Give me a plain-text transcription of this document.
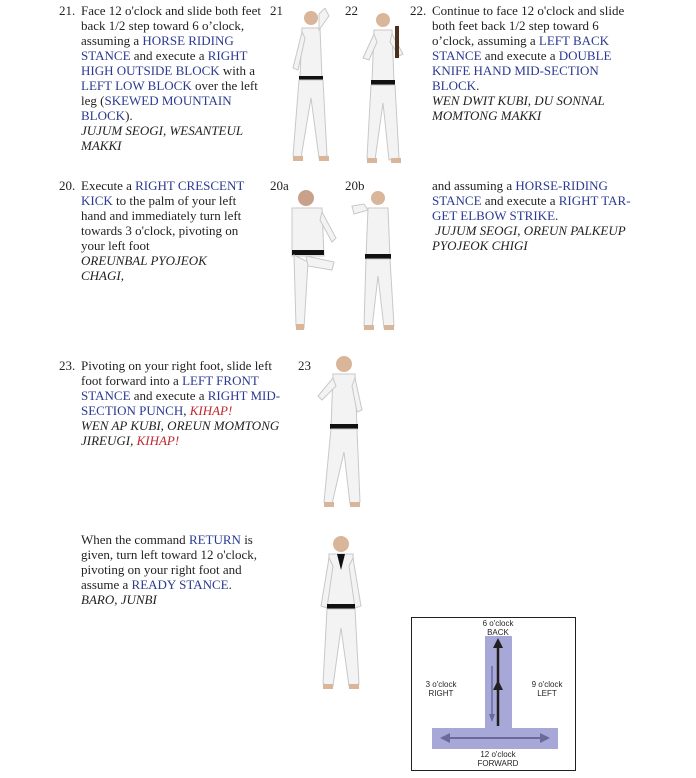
21. Face 12 o'clock and slide both feet back 1/2 step toward 6 o’clock, assuming a HORSE RIDING STANCE and execute a RIGHT HIGH OUTSIDE BLOCK with a LEFT LOW BLOCK over the left leg (SKEWED MOUNTAIN BLOCK).
JUJUM SEOGI, WESANTEUL MAKKI
22. Continue to face 12 o'clock and slide both feet back 1/2 step toward 6 o’clock, assuming a LEFT BACK STANCE and execute a DOUBLE KNIFE HAND MID-SECTION BLOCK.
WEN DWIT KUBI, DU SONNAL MOMTONG MAKKI
20. Execute a RIGHT CRESCENT KICK to the palm of your left hand and immediately turn left towards 3 o'clock, pivoting on your left foot
OREUNBAL PYOJEOK CHAGI,
and assuming a HORSE-RIDING STANCE and execute a RIGHT TAR-GET ELBOW STRIKE.
JUJUM SEOGI, OREUN PALKEUP PYOJEOK CHIGI
23. Pivoting on your right foot, slide left foot forward into a LEFT FRONT STANCE and execute a RIGHT MID-SECTION PUNCH, KIHAP!
WEN AP KUBI, OREUN MOMTONG JIREUGI, KIHAP!
When the command RETURN is given, turn left toward 12 o'clock, pivoting on your right foot and assume a READY STANCE.
BARO, JUNBI
21	22
20a	20b
23
6 o'clock
BACK
3 o'clock
RIGHT
9 o'clock
LEFT
12 o'clock
FORWARD
